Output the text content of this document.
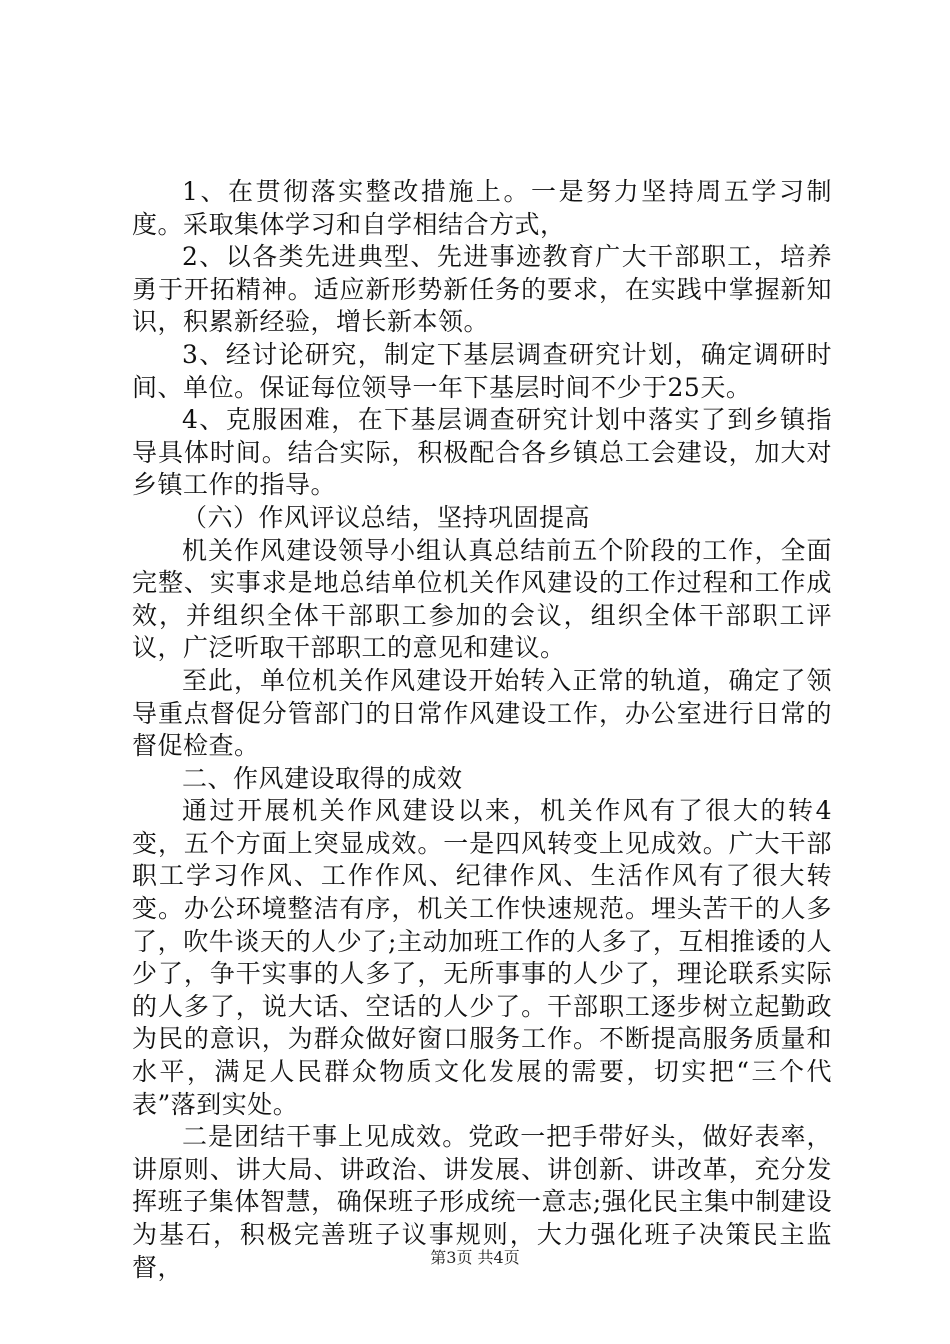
1、在贯彻落实整改措施上。一是努力坚持周五学习制度。采取集体学习和自学相结合方式，

2、以各类先进典型、先进事迹教育广大干部职工，培养勇于开拓精神。适应新形势新任务的要求，在实践中掌握新知识，积累新经验，增长新本领。

3、经讨论研究，制定下基层调查研究计划，确定调研时间、单位。保证每位领导一年下基层时间不少于25天。

4、克服困难，在下基层调查研究计划中落实了到乡镇指导具体时间。结合实际，积极配合各乡镇总工会建设，加大对乡镇工作的指导。

（六）作风评议总结，坚持巩固提高

机关作风建设领导小组认真总结前五个阶段的工作，全面完整、实事求是地总结单位机关作风建设的工作过程和工作成效，并组织全体干部职工参加的会议，组织全体干部职工评议，广泛听取干部职工的意见和建议。

至此，单位机关作风建设开始转入正常的轨道，确定了领导重点督促分管部门的日常作风建设工作，办公室进行日常的督促检查。

二、作风建设取得的成效

通过开展机关作风建设以来，机关作风有了很大的转4变，五个方面上突显成效。一是四风转变上见成效。广大干部职工学习作风、工作作风、纪律作风、生活作风有了很大转变。办公环境整洁有序，机关工作快速规范。埋头苦干的人多了，吹牛谈天的人少了;主动加班工作的人多了，互相推诿的人少了，争干实事的人多了，无所事事的人少了，理论联系实际的人多了，说大话、空话的人少了。干部职工逐步树立起勤政为民的意识，为群众做好窗口服务工作。不断提高服务质量和水平，满足人民群众物质文化发展的需要，切实把“三个代表”落到实处。

二是团结干事上见成效。党政一把手带好头，做好表率，讲原则、讲大局、讲政治、讲发展、讲创新、讲改革，充分发挥班子集体智慧，确保班子形成统一意志;强化民主集中制建设为基石，积极完善班子议事规则，大力强化班子决策民主监督，	第3页 共4页
